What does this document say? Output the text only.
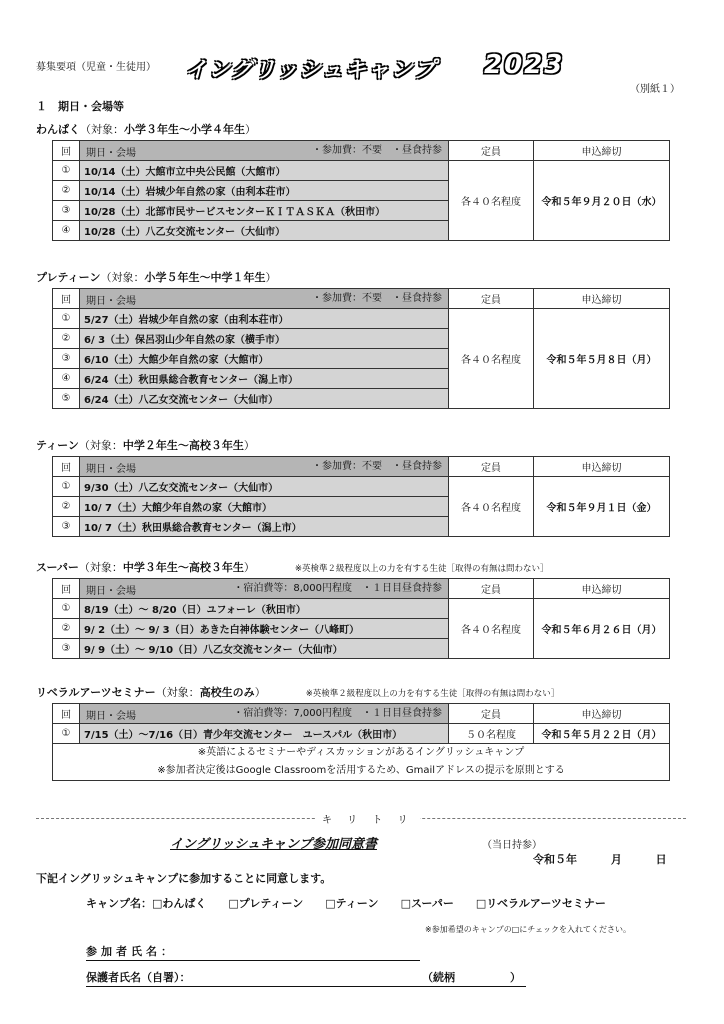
募集要項（児童・生徒用） イングリッシュキャンプ 2023
（別紙１）
１　期日・会場等
わんぱく（対象：小学３年生～小学４年生）
回	期日・会場 ・参加費：不要　・昼食持参	定員	申込締切
①	10/14（土）大館市立中央公民館（大館市）	各４０名程度	令和５年９月２０日（水）
②	10/14（土）岩城少年自然の家（由利本荘市）		
③	10/28（土）北部市民サービスセンターＫＩＴＡＳＫＡ（秋田市）		
④	10/28（土）八乙女交流センター（大仙市）		
プレティーン（対象：小学５年生～中学１年生）
回	期日・会場 ・参加費：不要　・昼食持参	定員	申込締切
①	5/27（土）岩城少年自然の家（由利本荘市）	各４０名程度	令和５年５月８日（月）
②	6/ 3（土）保呂羽山少年自然の家（横手市）		
③	6/10（土）大館少年自然の家（大館市）		
④	6/24（土）秋田県総合教育センター（潟上市）		
⑤	6/24（土）八乙女交流センター（大仙市）		
ティーン（対象：中学２年生～高校３年生）
回	期日・会場 ・参加費：不要　・昼食持参	定員	申込締切
①	9/30（土）八乙女交流センター（大仙市）	各４０名程度	令和５年９月１日（金）
②	10/ 7（土）大館少年自然の家（大館市）		
③	10/ 7（土）秋田県総合教育センター（潟上市）		
スーパー（対象：中学３年生～高校３年生）	※英検準２級程度以上の力を有する生徒［取得の有無は問わない］
回	期日・会場 ・宿泊費等：8,000円程度　・１日目昼食持参	定員	申込締切
①	8/19（土）～ 8/20（日）ユフォーレ（秋田市）	各４０名程度	令和５年６月２６日（月）
②	9/ 2（土）～ 9/ 3（日）あきた白神体験センター（八峰町）		
③	9/ 9（土）～ 9/10（日）八乙女交流センター（大仙市）		
リベラルアーツセミナー（対象：高校生のみ）	※英検準２級程度以上の力を有する生徒［取得の有無は問わない］
回	期日・会場 ・宿泊費等：7,000円程度　・１日目昼食持参	定員	申込締切
①	7/15（土）～7/16（日）青少年交流センター　ユースパル（秋田市）	５０名程度	令和５年５月２２日（月）

※英語によるセミナーやディスカッションがあるイングリッシュキャンプ
※参加者決定後はGoogle Classroomを活用するため、Gmailアドレスの提示を原則とする			
キ リ ト リ
イングリッシュキャンプ参加同意書	（当日持参）
令和５年 月 日
下記イングリッシュキャンプに参加することに同意します。
キャンプ名：□わんぱく □プレティーン □ティーン □スーパー □リベラルアーツセミナー
※参加希望のキャンプの□にチェックを入れてください。
参加者氏名：
保護者氏名（自署）：	（続柄　　　　　）
